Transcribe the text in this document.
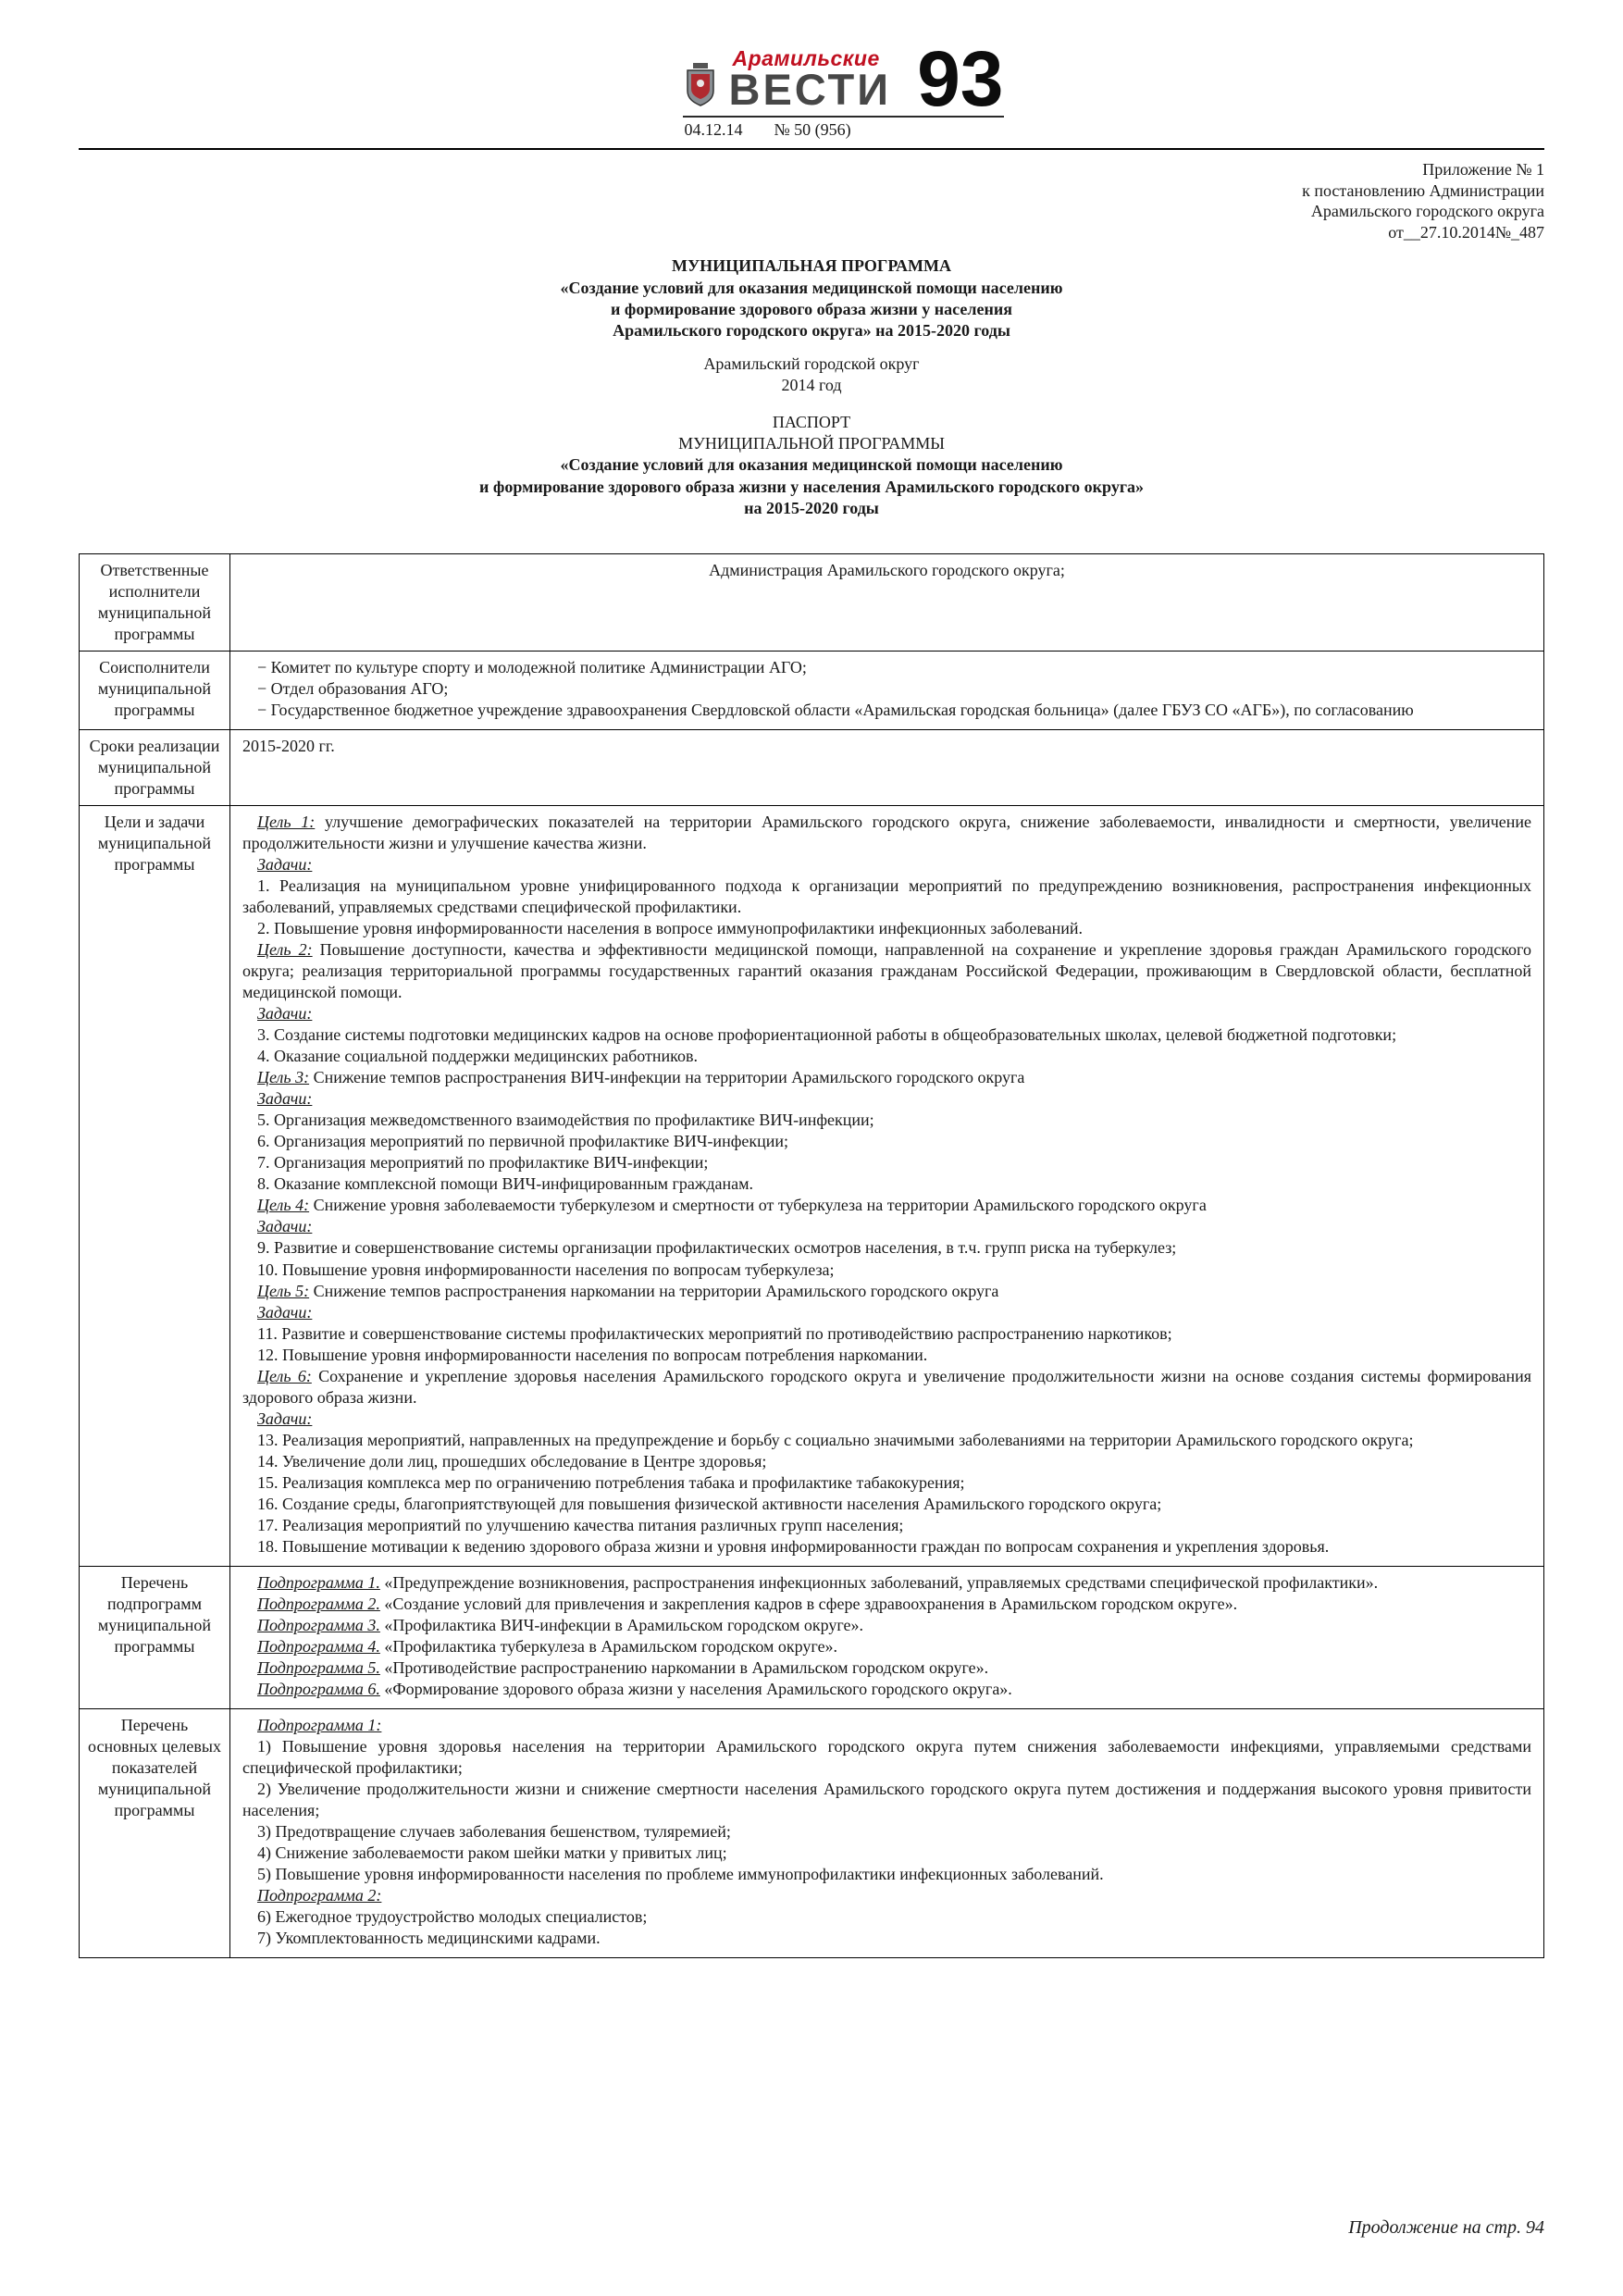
Арамильские
ВЕСТИ 93
04.12.14 № 50 (956)
Приложение № 1
к постановлению Администрации
Арамильского городского округа
от__27.10.2014№_487
МУНИЦИПАЛЬНАЯ ПРОГРАММА
«Создание условий для оказания медицинской помощи населению
и формирование здорового образа жизни у населения
Арамильского городского округа» на 2015-2020 годы
Арамильский городской округ
2014 год
ПАСПОРТ
МУНИЦИПАЛЬНОЙ ПРОГРАММЫ
«Создание условий для оказания медицинской помощи населению
и формирование здорового образа жизни у населения Арамильского городского округа»
на 2015-2020 годы
Ответственные исполнители муниципальной программы

Администрация Арамильского городского округа;

Соисполнители муниципальной программы

− Комитет по культуре спорту и молодежной политике Администрации АГО;

− Отдел образования АГО;

− Государственное бюджетное учреждение здравоохранения Свердловской области «Арамильская городская больница» (далее ГБУЗ СО «АГБ»), по согласованию

Сроки реализации муниципальной программы

2015-2020 гг.

Цели и задачи муниципальной программы

Цель 1: улучшение демографических показателей на территории Арамильского городского округа, снижение заболеваемости, инвалидности и смертности, увеличение продолжительности жизни и улучшение качества жизни.

Задачи:

1. Реализация на муниципальном уровне унифицированного подхода к организации мероприятий по предупреждению возникновения, распространения инфекционных заболеваний, управляемых средствами специфической профилактики.

2. Повышение уровня информированности населения в вопросе иммунопрофилактики инфекционных заболеваний.

Цель 2: Повышение доступности, качества и эффективности медицинской помощи, направленной на сохранение и укрепление здоровья граждан Арамильского городского округа; реализация территориальной программы государственных гарантий оказания гражданам Российской Федерации, проживающим в Свердловской области, бесплатной медицинской помощи.

Задачи:

3. Создание системы подготовки медицинских кадров на основе профориентационной работы в общеобразовательных школах, целевой бюджетной подготовки;

4. Оказание социальной поддержки медицинских работников.

Цель 3: Снижение темпов распространения ВИЧ-инфекции на территории Арамильского городского округа

Задачи:

5. Организация межведомственного взаимодействия по профилактике ВИЧ-инфекции;

6. Организация мероприятий по первичной профилактике ВИЧ-инфекции;

7. Организация мероприятий по профилактике ВИЧ-инфекции;

8. Оказание комплексной помощи ВИЧ-инфицированным гражданам.

Цель 4: Снижение уровня заболеваемости туберкулезом и смертности от туберкулеза на территории Арамильского городского округа

Задачи:

9. Развитие и совершенствование системы организации профилактических осмотров населения, в т.ч. групп риска на туберкулез;

10. Повышение уровня информированности населения по вопросам туберкулеза;

Цель 5: Снижение темпов распространения наркомании на территории Арамильского городского округа

Задачи:

11. Развитие и совершенствование системы профилактических мероприятий по противодействию распространению наркотиков;

12. Повышение уровня информированности населения по вопросам потребления наркомании.

Цель 6: Сохранение и укрепление здоровья населения Арамильского городского округа и увеличение продолжительности жизни на основе создания системы формирования здорового образа жизни.

Задачи:

13. Реализация мероприятий, направленных на предупреждение и борьбу с социально значимыми заболеваниями на территории Арамильского городского округа;

14. Увеличение доли лиц, прошедших обследование в Центре здоровья;

15. Реализация комплекса мер по ограничению потребления табака и профилактике табакокурения;

16. Создание среды, благоприятствующей для повышения физической активности населения Арамильского городского округа;

17. Реализация мероприятий по улучшению качества питания различных групп населения;

18. Повышение мотивации к ведению здорового образа жизни и уровня информированности граждан по вопросам сохранения и укрепления здоровья.

Перечень подпрограмм муниципальной программы

Подпрограмма 1. «Предупреждение возникновения, распространения инфекционных заболеваний, управляемых средствами специфической профилактики».

Подпрограмма 2. «Создание условий для привлечения и закрепления кадров в сфере здравоохранения в Арамильском городском округе».

Подпрограмма 3. «Профилактика ВИЧ-инфекции в Арамильском городском округе».

Подпрограмма 4. «Профилактика туберкулеза в Арамильском городском округе».

Подпрограмма 5. «Противодействие распространению наркомании в Арамильском городском округе».

Подпрограмма 6. «Формирование здорового образа жизни у населения Арамильского городского округа».

Перечень основных целевых показателей муниципальной программы

Подпрограмма 1:

1) Повышение уровня здоровья населения на территории Арамильского городского округа путем снижения заболеваемости инфекциями, управляемыми средствами специфической профилактики;

2) Увеличение продолжительности жизни и снижение смертности населения Арамильского городского округа путем достижения и поддержания высокого уровня привитости населения;

3) Предотвращение случаев заболевания бешенством, туляремией;

4) Снижение заболеваемости раком шейки матки у привитых лиц;

5) Повышение уровня информированности населения по проблеме иммунопрофилактики инфекционных заболеваний.

Подпрограмма 2:

6) Ежегодное трудоустройство молодых специалистов;

7) Укомплектованность медицинскими кадрами.

Продолжение на стр. 94
